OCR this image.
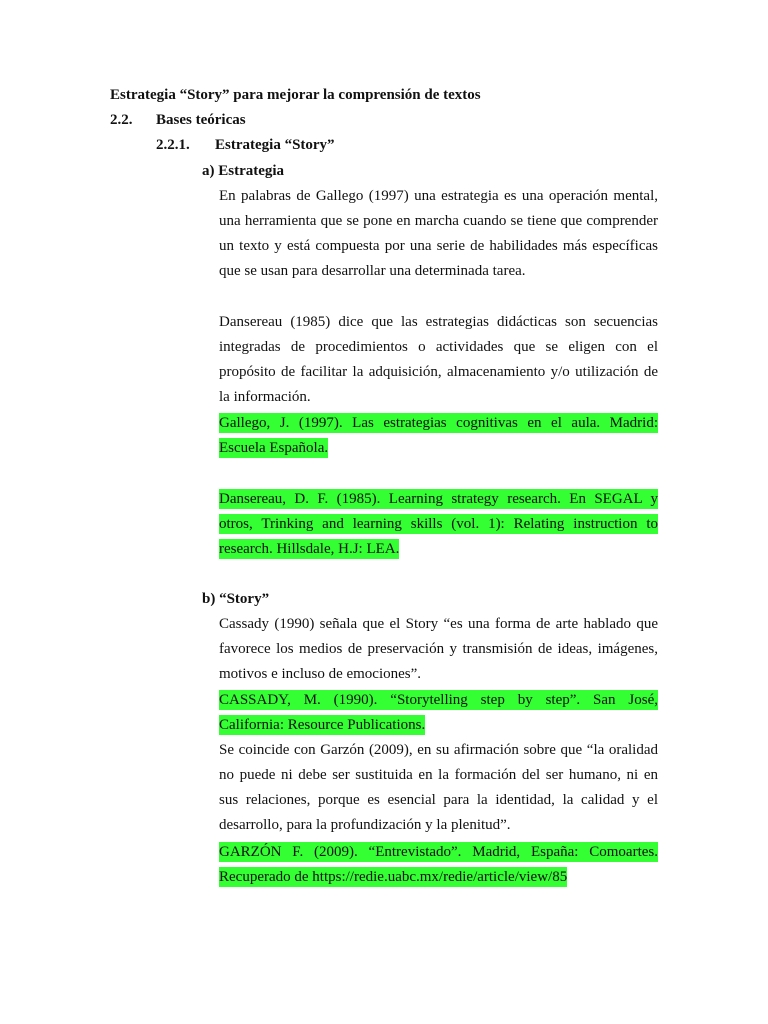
Estrategia “Story” para mejorar la comprensión de textos
2.2. Bases teóricas
2.2.1. Estrategia “Story”
a) Estrategia
En palabras de Gallego (1997) una estrategia es una operación mental,
una herramienta que se pone en marcha cuando se tiene que comprender
un texto y está compuesta por una serie de habilidades más específicas
que se usan para desarrollar una determinada tarea.
Dansereau (1985) dice que las estrategias didácticas son secuencias
integradas de procedimientos o actividades que se eligen con el
propósito de facilitar la adquisición, almacenamiento y/o utilización de
la información.
Gallego, J. (1997). Las estrategias cognitivas en el aula. Madrid:
Escuela Española.
Dansereau, D. F. (1985). Learning strategy research. En SEGAL y
otros, Trinking and learning skills (vol. 1): Relating instruction to
research. Hillsdale, H.J: LEA.
b) “Story”
Cassady (1990) señala que el Story “es una forma de arte hablado que
favorece los medios de preservación y transmisión de ideas, imágenes,
motivos e incluso de emociones”.
CASSADY, M. (1990). “Storytelling step by step”. San José,
California: Resource Publications.
Se coincide con Garzón (2009), en su afirmación sobre que “la oralidad
no puede ni debe ser sustituida en la formación del ser humano, ni en
sus relaciones, porque es esencial para la identidad, la calidad y el
desarrollo, para la profundización y la plenitud”.
GARZÓN F. (2009). “Entrevistado”. Madrid, España: Comoartes.
Recuperado de https://redie.uabc.mx/redie/article/view/85
